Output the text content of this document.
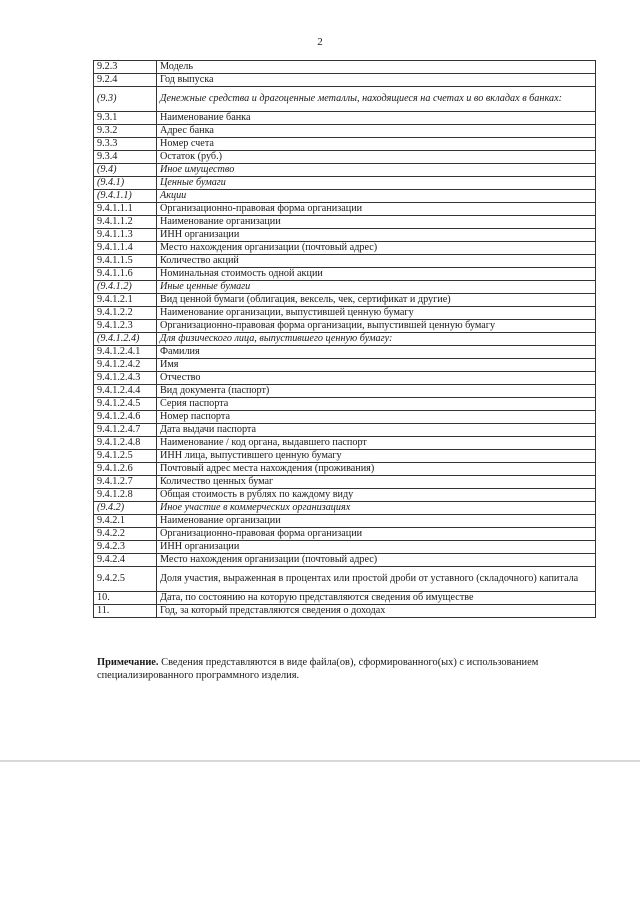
2
9.2.3	Модель
9.2.4	Год выпуска
(9.3)	Денежные средства и драгоценные металлы, находящиеся на счетах и во вкладах в банках:
9.3.1	Наименование банка
9.3.2	Адрес банка
9.3.3	Номер счета
9.3.4	Остаток (руб.)
(9.4)	Иное имущество
(9.4.1)	Ценные бумаги
(9.4.1.1)	Акции
9.4.1.1.1	Организационно-правовая форма организации
9.4.1.1.2	Наименование организации
9.4.1.1.3	ИНН организации
9.4.1.1.4	Место нахождения организации (почтовый адрес)
9.4.1.1.5	Количество акций
9.4.1.1.6	Номинальная стоимость одной акции
(9.4.1.2)	Иные ценные бумаги
9.4.1.2.1	Вид ценной бумаги (облигация, вексель, чек, сертификат и другие)
9.4.1.2.2	Наименование организации, выпустившей ценную бумагу
9.4.1.2.3	Организационно-правовая форма организации, выпустившей ценную бумагу
(9.4.1.2.4)	Для физического лица, выпустившего ценную бумагу:
9.4.1.2.4.1	Фамилия
9.4.1.2.4.2	Имя
9.4.1.2.4.3	Отчество
9.4.1.2.4.4	Вид документа (паспорт)
9.4.1.2.4.5	Серия паспорта
9.4.1.2.4.6	Номер паспорта
9.4.1.2.4.7	Дата выдачи паспорта
9.4.1.2.4.8	Наименование / код органа, выдавшего паспорт
9.4.1.2.5	ИНН лица, выпустившего ценную бумагу
9.4.1.2.6	Почтовый адрес места нахождения (проживания)
9.4.1.2.7	Количество ценных бумаг
9.4.1.2.8	Общая стоимость в рублях по каждому виду
(9.4.2)	Иное участие в коммерческих организациях
9.4.2.1	Наименование организации
9.4.2.2	Организационно-правовая форма организации
9.4.2.3	ИНН организации
9.4.2.4	Место нахождения организации (почтовый адрес)
9.4.2.5	Доля участия, выраженная в процентах или простой дроби от уставного (складочного) капитала
10.	Дата, по состоянию на которую представляются сведения об имуществе
11.	Год, за который представляются сведения о доходах
Примечание. Сведения представляются в виде файла(ов), сформированного(ых) с использованием специализированного программного изделия.
